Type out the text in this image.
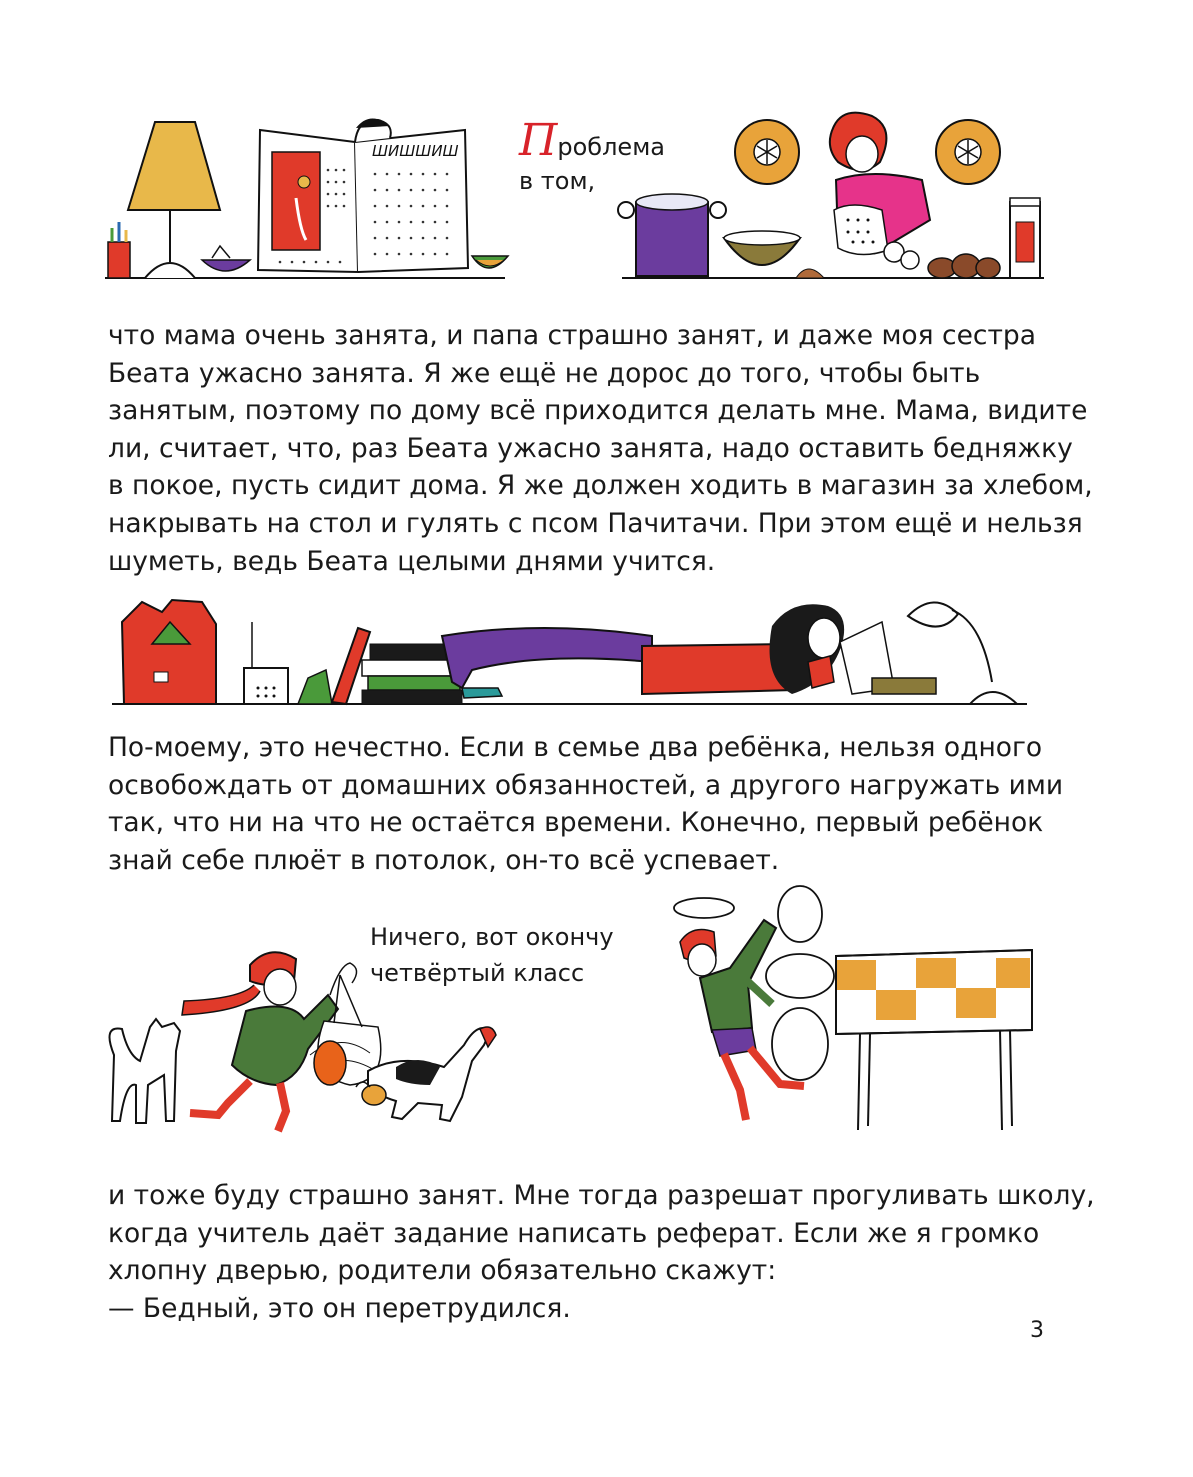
ШИШШИШ Проблема
в том,

что мама очень занята, и папа страшно занят, и даже моя сестра
Беата ужасно занята. Я же ещё не дорос до того, чтобы быть
занятым, поэтому по дому всё приходится делать мне. Мама, видите
ли, считает, что, раз Беата ужасно занята, надо оставить бедняжку
в покое, пусть сидит дома. Я же должен ходить в магазин за хлебом,
накрывать на стол и гулять с псом Пачитачи. При этом ещё и нельзя
шуметь, ведь Беата целыми днями учится.

По-моему, это нечестно. Если в семье два ребёнка, нельзя одного
освобождать от домашних обязанностей, а другого нагружать ими
так, что ни на что не остаётся времени. Конечно, первый ребёнок
знай себе плюёт в потолок, он-то всё успевает.

Ничего, вот окончу
четвёртый класс

и тоже буду страшно занят. Мне тогда разрешат прогуливать школу,
когда учитель даёт задание написать реферат. Если же я громко
хлопну дверью, родители обязательно скажут:
— Бедный, это он перетрудился.

3
